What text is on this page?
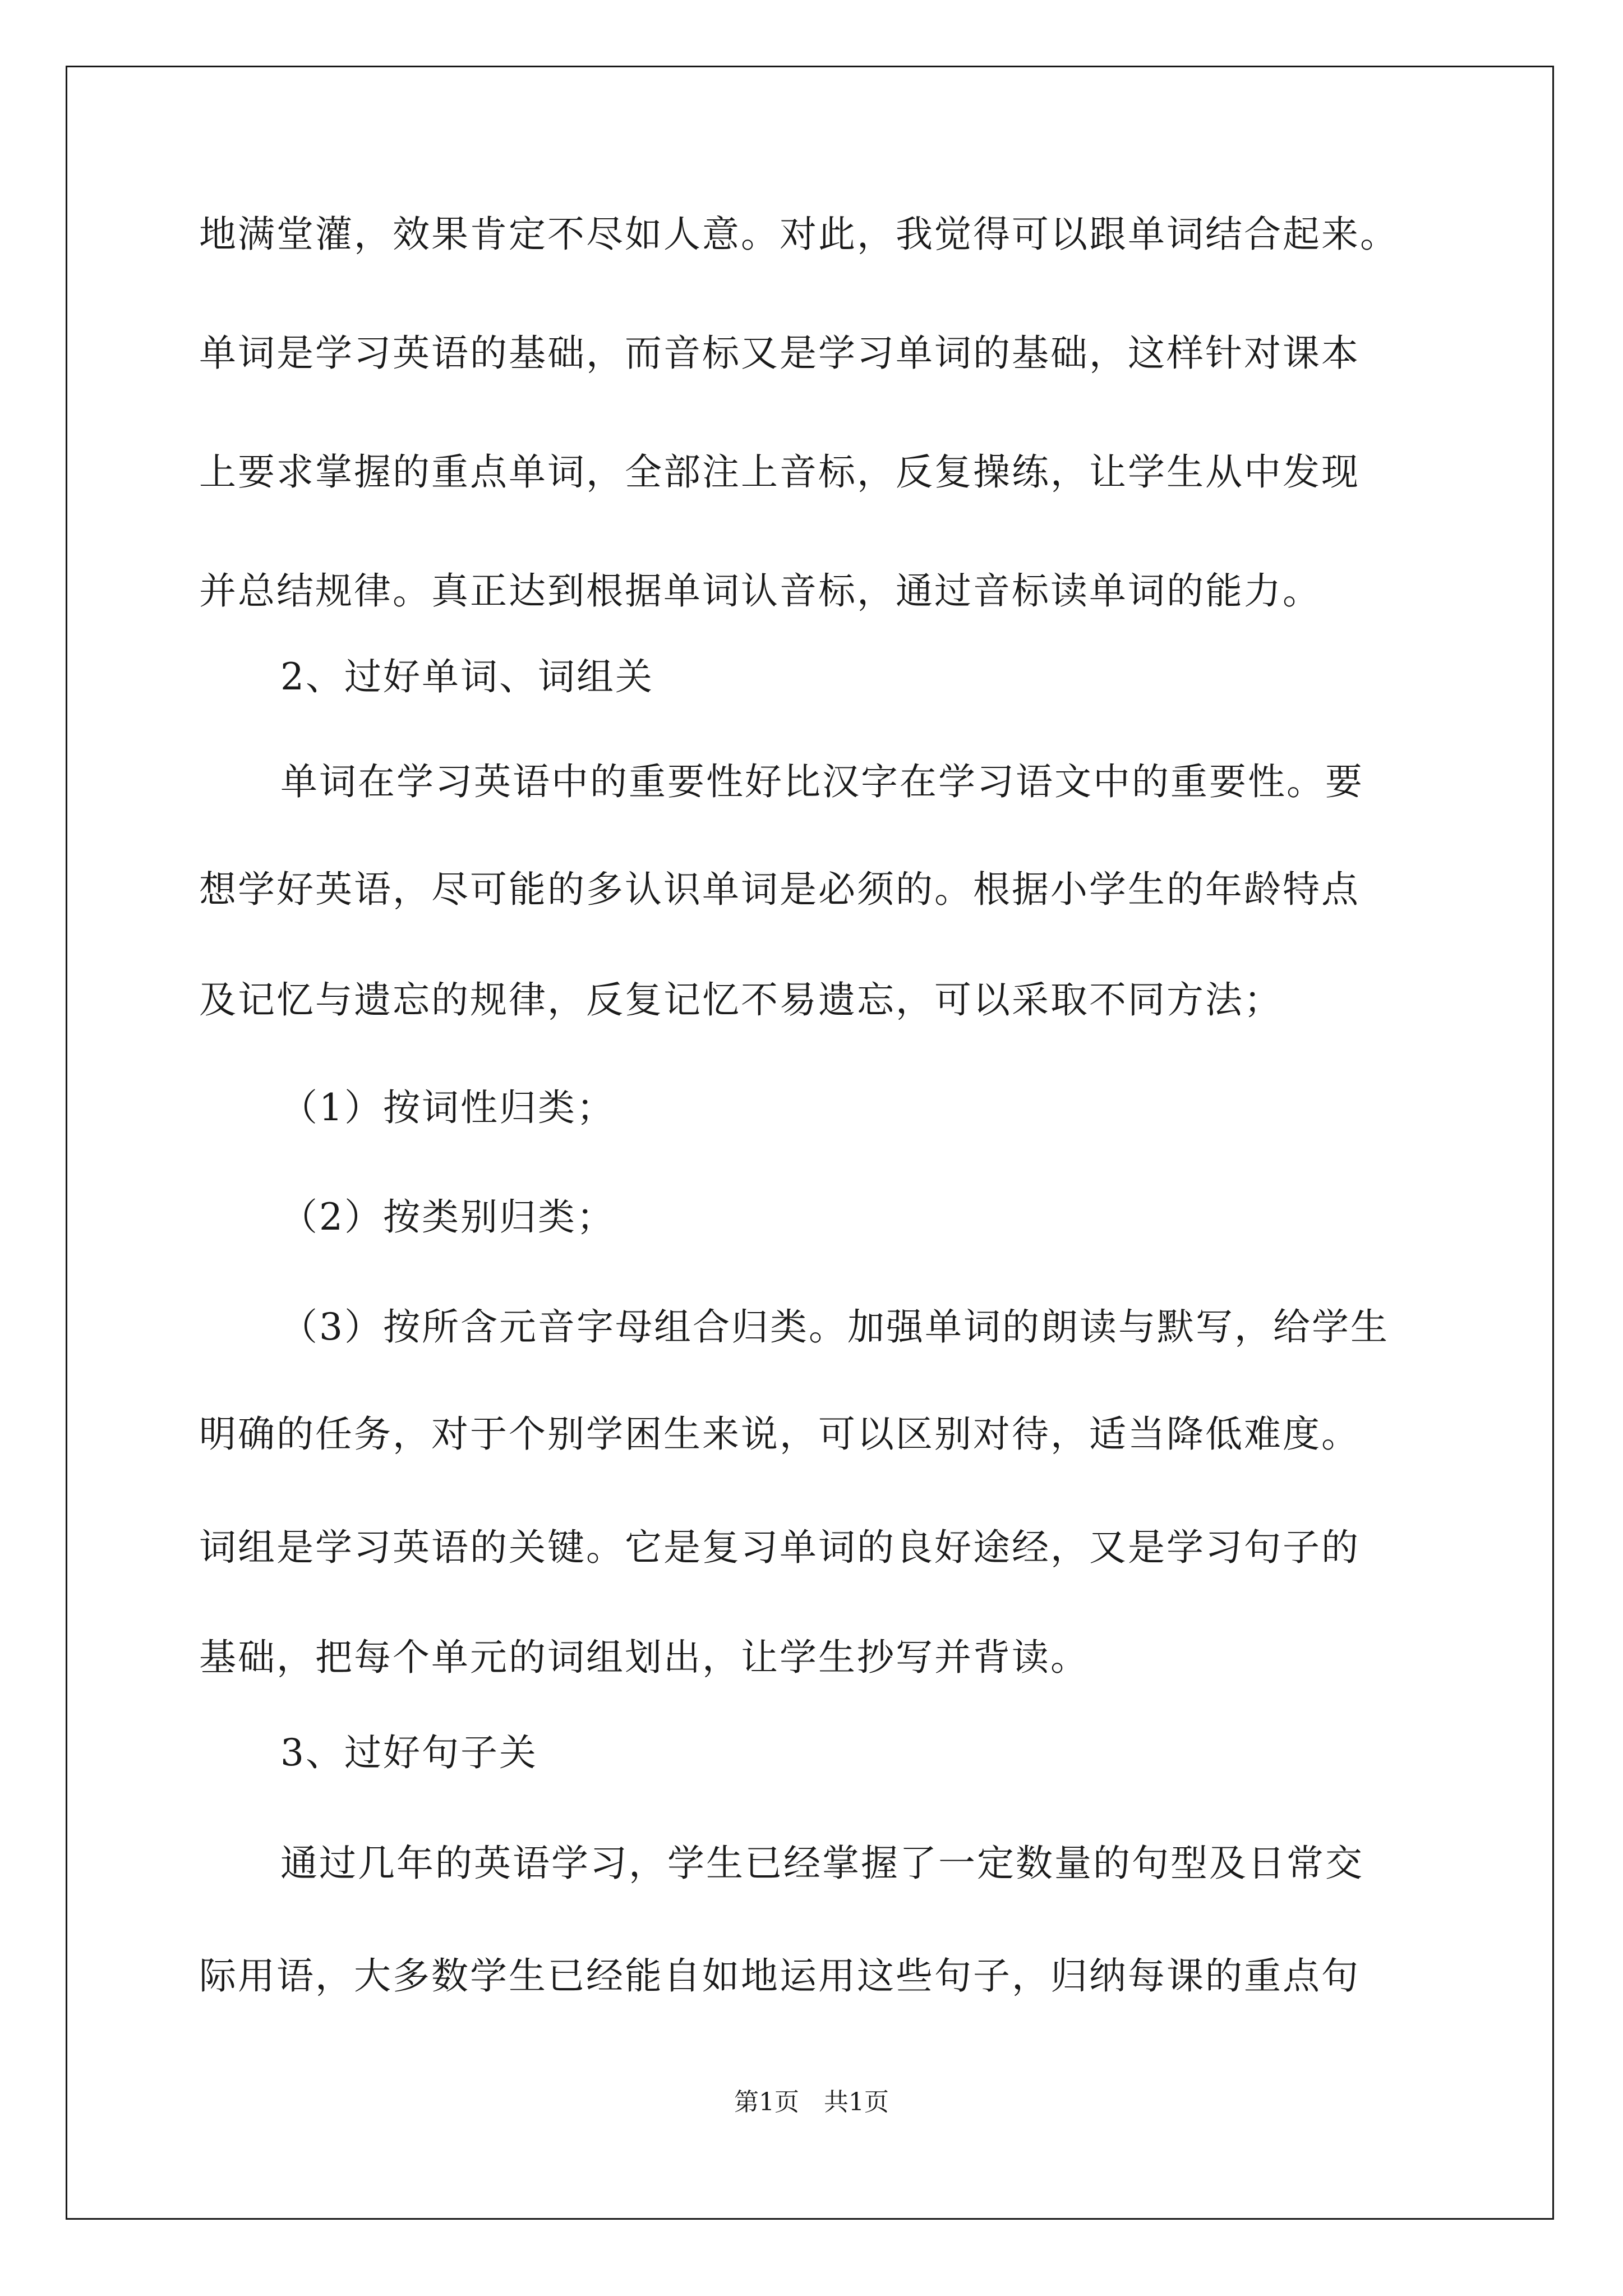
地满堂灌，效果肯定不尽如人意。对此，我觉得可以跟单词结合起来。

单词是学习英语的基础，而音标又是学习单词的基础，这样针对课本

上要求掌握的重点单词，全部注上音标，反复操练，让学生从中发现

并总结规律。真正达到根据单词认音标，通过音标读单词的能力。

2、过好单词、词组关

单词在学习英语中的重要性好比汉字在学习语文中的重要性。要

想学好英语，尽可能的多认识单词是必须的。根据小学生的年龄特点

及记忆与遗忘的规律，反复记忆不易遗忘，可以采取不同方法；

（1）按词性归类；

（2）按类别归类；

（3）按所含元音字母组合归类。加强单词的朗读与默写，给学生

明确的任务，对于个别学困生来说，可以区别对待，适当降低难度。

词组是学习英语的关键。它是复习单词的良好途经，又是学习句子的

基础，把每个单元的词组划出，让学生抄写并背读。

3、过好句子关

通过几年的英语学习，学生已经掌握了一定数量的句型及日常交

际用语，大多数学生已经能自如地运用这些句子，归纳每课的重点句

第1页　共1页
